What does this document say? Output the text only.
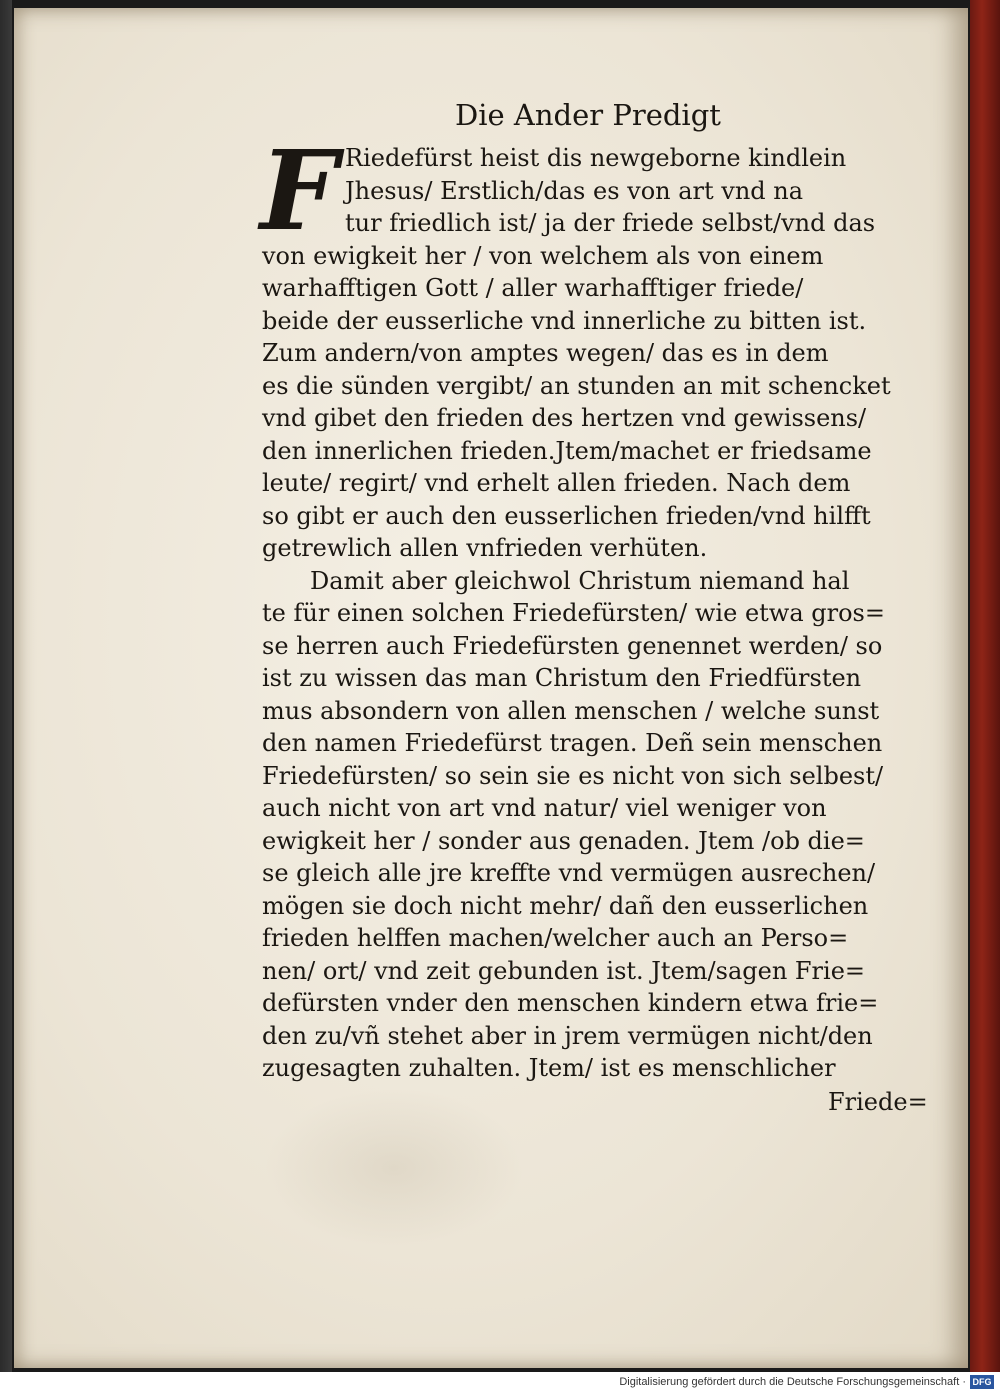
Die Ander Predigt
F Riedefürst heist dis newgeborne kindlein
Jhesus/ Erstlich/das es von art vnd na
tur friedlich ist/ ja der friede selbst/vnd das
von ewigkeit her / von welchem als von einem
warhafftigen Gott / aller warhafftiger friede/
beide der eusserliche vnd innerliche zu bitten ist.
Zum andern/von amptes wegen/ das es in dem
es die sünden vergibt/ an stunden an mit schencket
vnd gibet den frieden des hertzen vnd gewissens/
den innerlichen frieden.Jtem/machet er friedsame
leute/ regirt/ vnd erhelt allen frieden. Nach dem
so gibt er auch den eusserlichen frieden/vnd hilfft
getrewlich allen vnfrieden verhüten.
Damit aber gleichwol Christum niemand hal
te für einen solchen Friedefürsten/ wie etwa gros=
se herren auch Friedefürsten genennet werden/ so
ist zu wissen das man Christum den Friedfürsten
mus absondern von allen menschen / welche sunst
den namen Friedefürst tragen. Deñ sein menschen
Friedefürsten/ so sein sie es nicht von sich selbest/
auch nicht von art vnd natur/ viel weniger von
ewigkeit her / sonder aus genaden. Jtem /ob die=
se gleich alle jre kreffte vnd vermügen ausrechen/
mögen sie doch nicht mehr/ dañ den eusserlichen
frieden helffen machen/welcher auch an Perso=
nen/ ort/ vnd zeit gebunden ist. Jtem/sagen Frie=
defürsten vnder den menschen kindern etwa frie=
den zu/vñ stehet aber in jrem vermügen nicht/den
zugesagten zuhalten. Jtem/ ist es menschlicher
Friede=
Digitalisierung gefördert durch die Deutsche Forschungsgemeinschaft · DFG
